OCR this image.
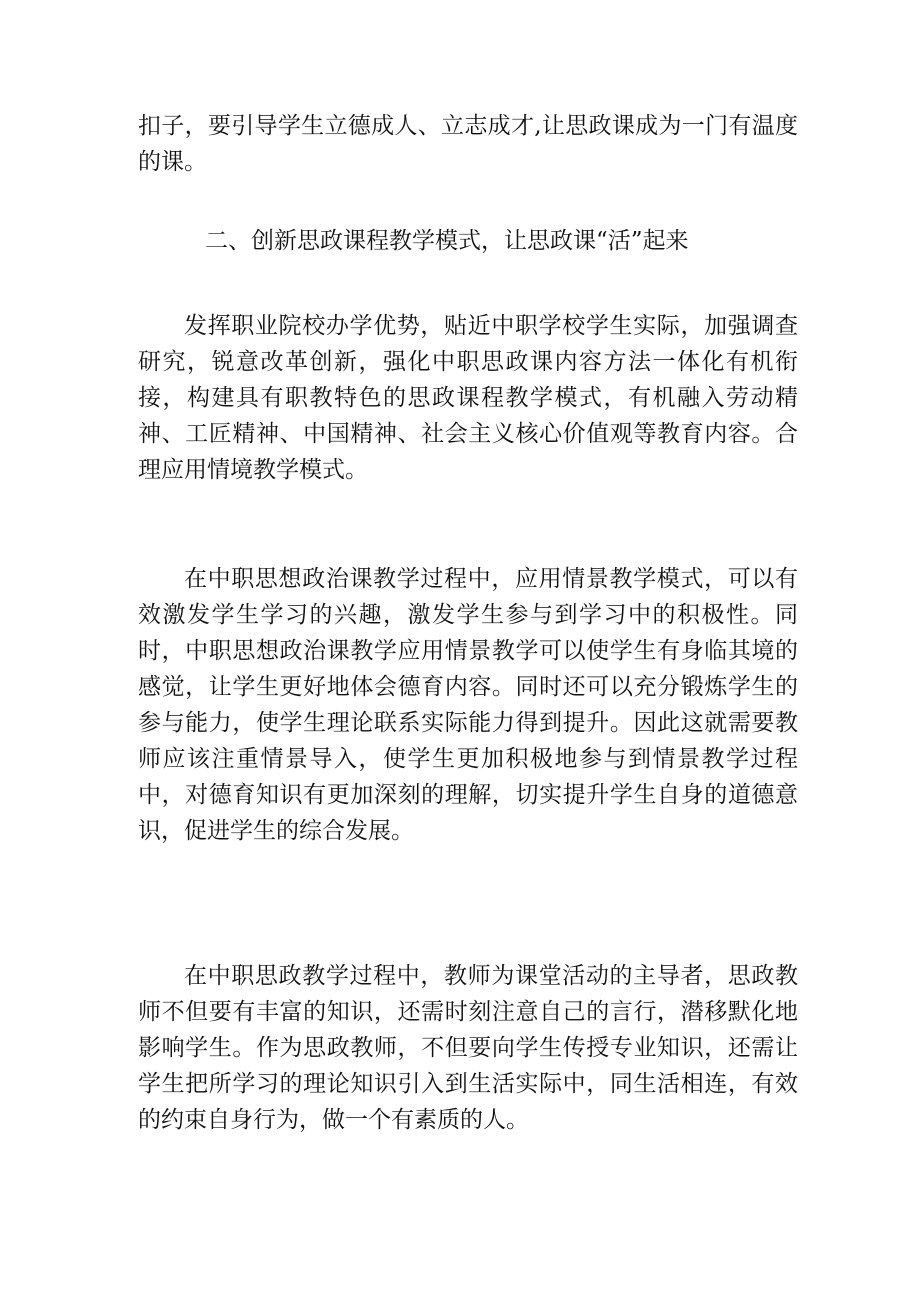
扣子，要引导学生立德成人、立志成才,让思政课成为一门有温度的课。

二、创新思政课程教学模式，让思政课“活”起来

发挥职业院校办学优势，贴近中职学校学生实际，加强调查研究，锐意改革创新，强化中职思政课内容方法一体化有机衔接，构建具有职教特色的思政课程教学模式，有机融入劳动精神、工匠精神、中国精神、社会主义核心价值观等教育内容。合理应用情境教学模式。

在中职思想政治课教学过程中，应用情景教学模式，可以有效激发学生学习的兴趣，激发学生参与到学习中的积极性。同时，中职思想政治课教学应用情景教学可以使学生有身临其境的感觉，让学生更好地体会德育内容。同时还可以充分锻炼学生的参与能力，使学生理论联系实际能力得到提升。因此这就需要教师应该注重情景导入，使学生更加积极地参与到情景教学过程中，对德育知识有更加深刻的理解，切实提升学生自身的道德意识，促进学生的综合发展。

在中职思政教学过程中，教师为课堂活动的主导者，思政教师不但要有丰富的知识，还需时刻注意自己的言行，潜移默化地影响学生。作为思政教师，不但要向学生传授专业知识，还需让学生把所学习的理论知识引入到生活实际中，同生活相连，有效的约束自身行为，做一个有素质的人。
